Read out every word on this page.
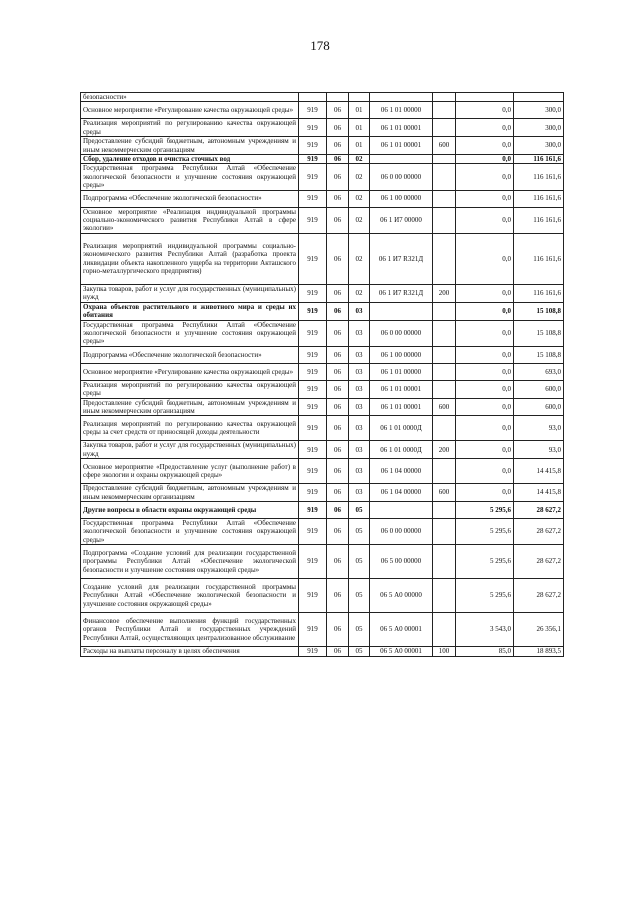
178
безопасности»							
Основное мероприятие «Регулирование качества окружающей среды»	919	06	01	06 1 01 00000		0,0	300,0
Реализация мероприятий по регулированию качества окружающей среды	919	06	01	06 1 01 00001		0,0	300,0
Предоставление субсидий бюджетным, автономным учреждениям и иным некоммерческим организациям	919	06	01	06 1 01 00001	600	0,0	300,0
Сбор, удаление отходов и очистка сточных вод	919	06	02			0,0	116 161,6
Государственная программа Республики Алтай «Обеспечение экологической безопасности и улучшение состояния окружающей среды»	919	06	02	06 0 00 00000		0,0	116 161,6
Подпрограмма «Обеспечение экологической безопасности»	919	06	02	06 1 00 00000		0,0	116 161,6
Основное мероприятие «Реализация индивидуальной программы социально-экономического развития Республики Алтай в сфере экологии»	919	06	02	06 1 И7 00000		0,0	116 161,6
Реализация мероприятий индивидуальной программы социально-экономического развития Республики Алтай (разработка проекта ликвидации объекта накопленного ущерба на территории Акташского горно-металлургического предприятия)	919	06	02	06 1 И7 R321Д		0,0	116 161,6
Закупка товаров, работ и услуг для государственных (муниципальных) нужд	919	06	02	06 1 И7 R321Д	200	0,0	116 161,6
Охрана объектов растительного и животного мира и среды их обитания	919	06	03			0,0	15 108,8
Государственная программа Республики Алтай «Обеспечение экологической безопасности и улучшение состояния окружающей среды»	919	06	03	06 0 00 00000		0,0	15 108,8
Подпрограмма «Обеспечение экологической безопасности»	919	06	03	06 1 00 00000		0,0	15 108,8
Основное мероприятие «Регулирование качества окружающей среды»	919	06	03	06 1 01 00000		0,0	693,0
Реализация мероприятий по регулированию качества окружающей среды	919	06	03	06 1 01 00001		0,0	600,0
Предоставление субсидий бюджетным, автономным учреждениям и иным некоммерческим организациям	919	06	03	06 1 01 00001	600	0,0	600,0
Реализация мероприятий по регулированию качества окружающей среды за счет средств от приносящей доходы деятельности	919	06	03	06 1 01 0000Д		0,0	93,0
Закупка товаров, работ и услуг для государственных (муниципальных) нужд	919	06	03	06 1 01 0000Д	200	0,0	93,0
Основное мероприятие «Предоставление услуг (выполнение работ) в сфере экологии и охраны окружающей среды»	919	06	03	06 1 04 00000		0,0	14 415,8
Предоставление субсидий бюджетным, автономным учреждениям и иным некоммерческим организациям	919	06	03	06 1 04 00000	600	0,0	14 415,8
Другие вопросы в области охраны окружающей среды	919	06	05			5 295,6	28 627,2
Государственная программа Республики Алтай «Обеспечение экологической безопасности и улучшение состояния окружающей среды»	919	06	05	06 0 00 00000		5 295,6	28 627,2
Подпрограмма «Создание условий для реализации государственной программы Республики Алтай «Обеспечение экологической безопасности и улучшение состояния окружающей среды»	919	06	05	06 5 00 00000		5 295,6	28 627,2
Создание условий для реализации государственной программы Республики Алтай «Обеспечение экологической безопасности и улучшение состояния окружающей среды»	919	06	05	06 5 А0 00000		5 295,6	28 627,2
Финансовое обеспечение выполнения функций государственных органов Республики Алтай и государственных учреждений Республики Алтай, осуществляющих централизованное обслуживание	919	06	05	06 5 А0 00001		3 543,0	26 356,1
Расходы на выплаты персоналу в целях обеспечения	919	06	05	06 5 А0 00001	100	85,0	18 893,5
